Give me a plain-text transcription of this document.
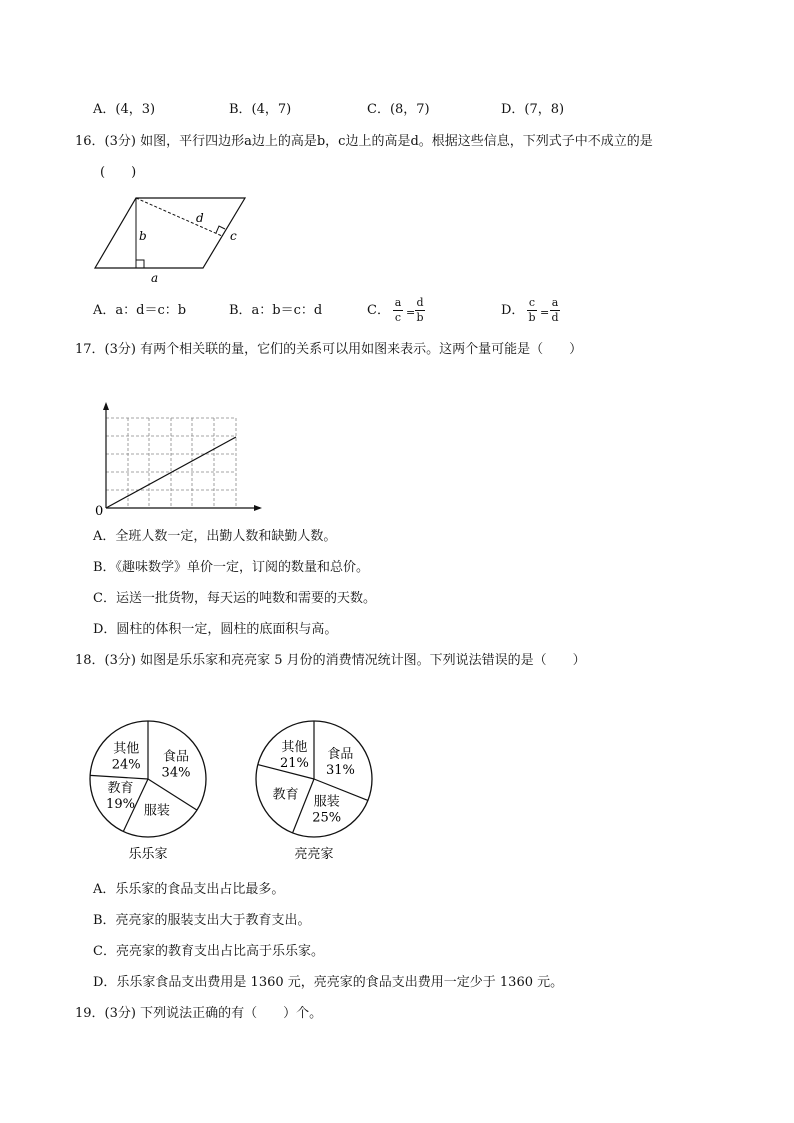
A．(4，3)	B．(4，7)	C．(8，7)	D．(7，8)
16．(3分) 如图，平行四边形a边上的高是b，c边上的高是d。根据这些信息，下列式子中不成立的是
(　　)
d
b	c
a
A．a：d＝c：b	B．a：b＝c：d	C．
a
c =
d
b	D．
c
b =
a
d
17．(3分) 有两个相关联的量，它们的关系可以用如图来表示。这两个量可能是（　　）
0
A．全班人数一定，出勤人数和缺勤人数。
B．《趣味数学》单价一定，订阅的数量和总价。
C．运送一批货物，每天运的吨数和需要的天数。
D．圆柱的体积一定，圆柱的底面积与高。
18．(3分) 如图是乐乐家和亮亮家 5 月份的消费情况统计图。下列说法错误的是（　　）
食品
34%
服装
教育
19%
其他
24%
乐乐家
食品
31%
服装
25%
教育
其他
21%
亮亮家
A．乐乐家的食品支出占比最多。
B．亮亮家的服装支出大于教育支出。
C．亮亮家的教育支出占比高于乐乐家。
D．乐乐家食品支出费用是 1360 元，亮亮家的食品支出费用一定少于 1360 元。
19．(3分) 下列说法正确的有（　　）个。
